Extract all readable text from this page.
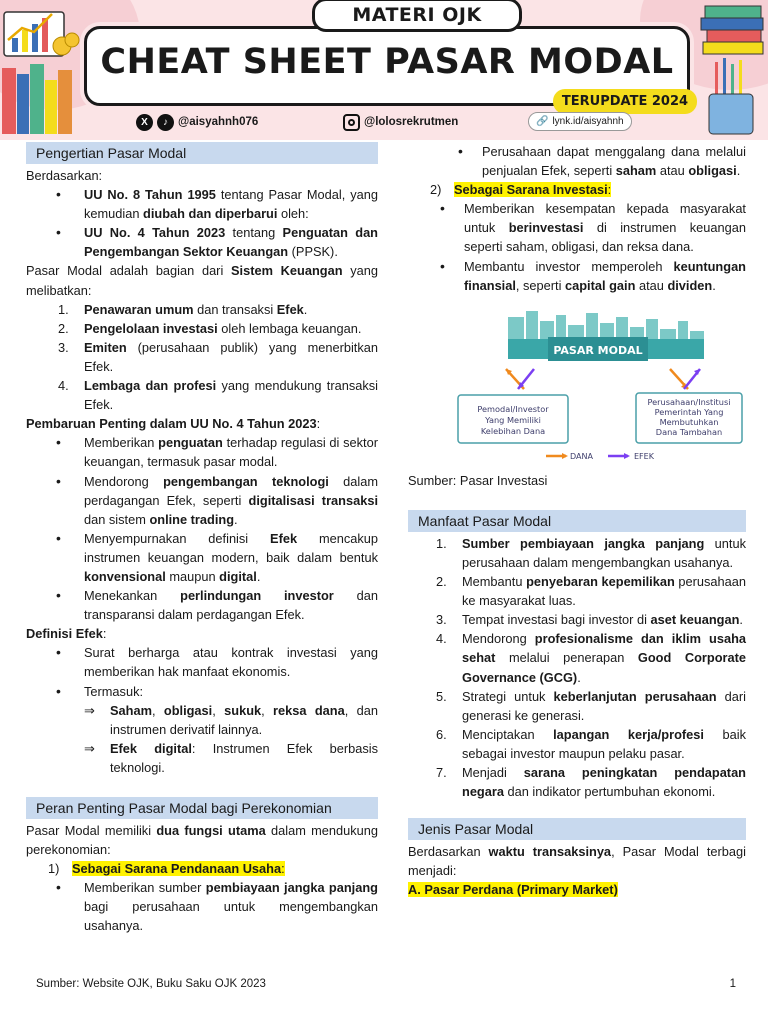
MATERI OJK
CHEAT SHEET PASAR MODAL
TERUPDATE 2024
X	♪ @aisyahnh076	@lolosrekrutmen	🔗 lynk.id/aisyahnh
Pengertian Pasar Modal
Berdasarkan:
• UU No. 8 Tahun 1995 tentang Pasar Modal, yang kemudian diubah dan diperbarui oleh:
• UU No. 4 Tahun 2023 tentang Penguatan dan Pengembangan Sektor Keuangan (PPSK).
Pasar Modal adalah bagian dari Sistem Keuangan yang melibatkan:
1. Penawaran umum dan transaksi Efek.
2. Pengelolaan investasi oleh lembaga keuangan.
3. Emiten (perusahaan publik) yang menerbitkan Efek.
4. Lembaga dan profesi yang mendukung transaksi Efek.
Pembaruan Penting dalam UU No. 4 Tahun 2023:
• Memberikan penguatan terhadap regulasi di sektor keuangan, termasuk pasar modal.
• Mendorong pengembangan teknologi dalam perdagangan Efek, seperti digitalisasi transaksi dan sistem online trading.
• Menyempurnakan definisi Efek mencakup instrumen keuangan modern, baik dalam bentuk konvensional maupun digital.
• Menekankan perlindungan investor dan transparansi dalam perdagangan Efek.
Definisi Efek:
• Surat berharga atau kontrak investasi yang memberikan hak manfaat ekonomis.
• Termasuk:
⇒ Saham, obligasi, sukuk, reksa dana, dan instrumen derivatif lainnya.
⇒ Efek digital: Instrumen Efek berbasis teknologi.
Peran Penting Pasar Modal bagi Perekonomian
Pasar Modal memiliki dua fungsi utama dalam mendukung perekonomian:
1) Sebagai Sarana Pendanaan Usaha:
• Memberikan sumber pembiayaan jangka panjang bagi perusahaan untuk mengembangkan usahanya.
• Perusahaan dapat menggalang dana melalui penjualan Efek, seperti saham atau obligasi.
2) Sebagai Sarana Investasi:
• Memberikan kesempatan kepada masyarakat untuk berinvestasi di instrumen keuangan seperti saham, obligasi, dan reksa dana.
• Membantu investor memperoleh keuntungan finansial, seperti capital gain atau dividen.
PASAR MODAL
Pemodal/Investor
Yang Memiliki
Kelebihan Dana
Perusahaan/Institusi
Pemerintah Yang
Membutuhkan
Dana Tambahan
DANA	EFEK
Sumber: Pasar Investasi
Manfaat Pasar Modal
1. Sumber pembiayaan jangka panjang untuk perusahaan dalam mengembangkan usahanya.
2. Membantu penyebaran kepemilikan perusahaan ke masyarakat luas.
3. Tempat investasi bagi investor di aset keuangan.
4. Mendorong profesionalisme dan iklim usaha sehat melalui penerapan Good Corporate Governance (GCG).
5. Strategi untuk keberlanjutan perusahaan dari generasi ke generasi.
6. Menciptakan lapangan kerja/profesi baik sebagai investor maupun pelaku pasar.
7. Menjadi sarana peningkatan pendapatan negara dan indikator pertumbuhan ekonomi.
Jenis Pasar Modal
Berdasarkan waktu transaksinya, Pasar Modal terbagi menjadi:
A. Pasar Perdana (Primary Market)
Sumber: Website OJK, Buku Saku OJK 2023	1
